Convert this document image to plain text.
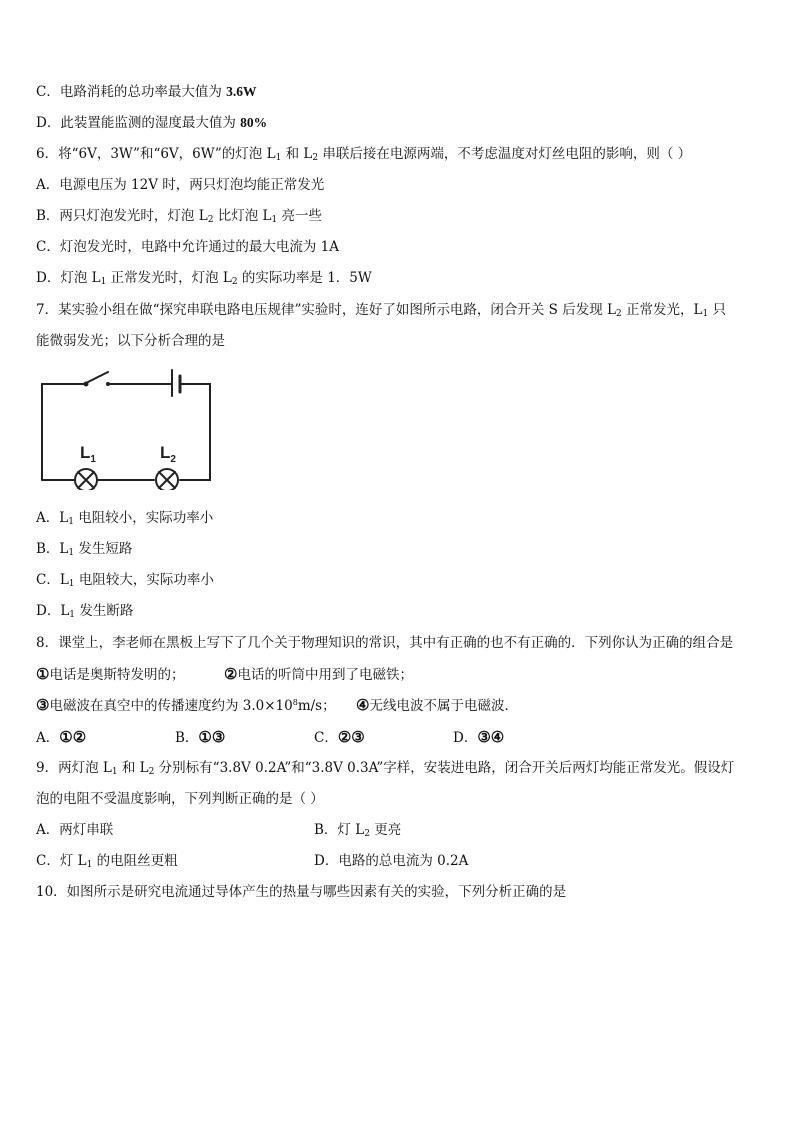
C．电路消耗的总功率最大值为 3.6W
D．此装置能监测的湿度最大值为 80%
6．将“6V，3W”和“6V，6W”的灯泡 $L_1$ 和 $L_2$ 串联后接在电源两端，不考虑温度对灯丝电阻的影响，则（ ）
A．电源电压为 12V 时，两只灯泡均能正常发光
B．两只灯泡发光时，灯泡 $L_2$ 比灯泡 $L_1$ 亮一些
C．灯泡发光时，电路中允许通过的最大电流为 1A
D．灯泡 $L_1$ 正常发光时，灯泡 $L_2$ 的实际功率是 1．5W
7．某实验小组在做“探究串联电路电压规律”实验时，连好了如图所示电路，闭合开关 S 后发现 $L_2$ 正常发光，$L_1$ 只
能微弱发光；以下分析合理的是
$L_1$	$L_2$
A．$L_1$ 电阻较小，实际功率小
B．$L_1$ 发生短路
C．$L_1$ 电阻较大，实际功率小
D．$L_1$ 发生断路
8．课堂上，李老师在黑板上写下了几个关于物理知识的常识，其中有正确的也不有正确的．下列你认为正确的组合是
①电话是奥斯特发明的；	②电话的听筒中用到了电磁铁；
③电磁波在真空中的传播速度约为 $3.0\times 10^8m/s$； ④无线电波不属于电磁波．
A．①②	B．①③	C．②③	D．③④
9．两灯泡 $L_1$ 和 $L_2$ 分别标有“3.8V 0.2A”和“3.8V 0.3A”字样，安装进电路，闭合开关后两灯均能正常发光。假设灯
泡的电阻不受温度影响，下列判断正确的是（ ）
A．两灯串联	B．灯 $L_2$ 更亮
C．灯 $L_1$ 的电阻丝更粗	D．电路的总电流为 0.2A
10．如图所示是研究电流通过导体产生的热量与哪些因素有关的实验，下列分析正确的是
